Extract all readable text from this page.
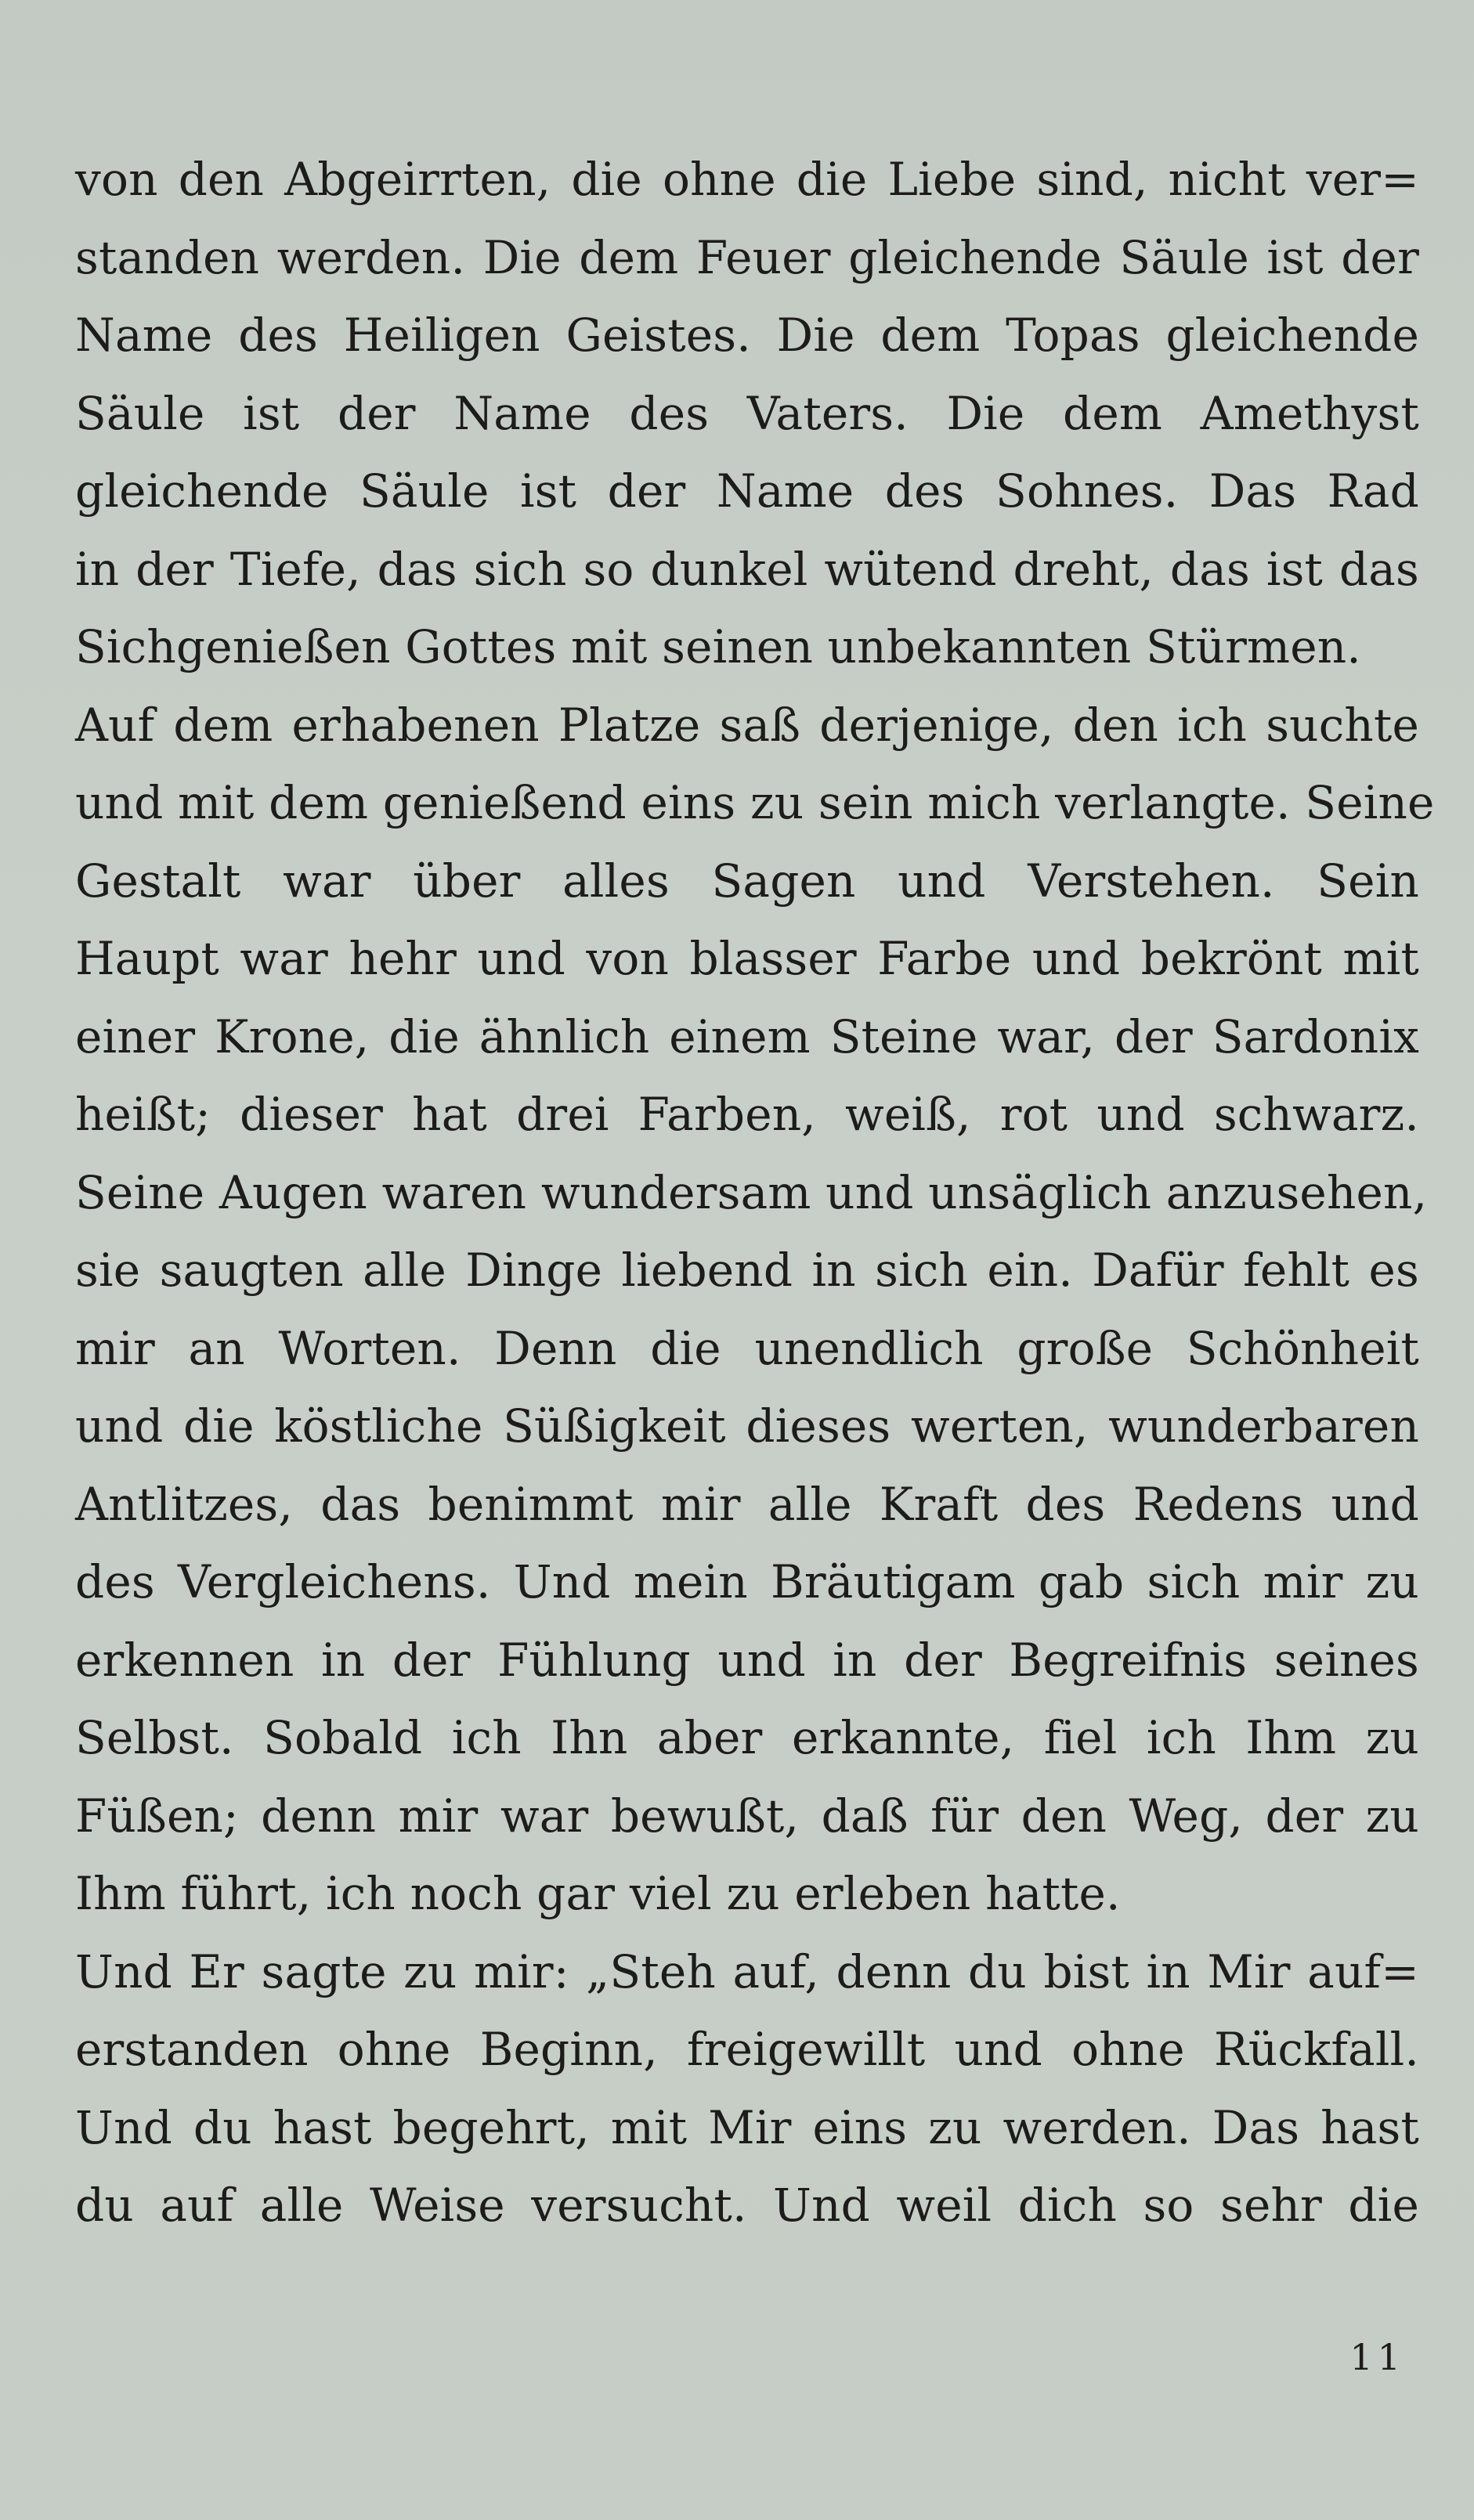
von den Abgeirrten, die ohne die Liebe sind, nicht ver=
standen werden. Die dem Feuer gleichende Säule ist der
Name des Heiligen Geistes. Die dem Topas gleichende
Säule ist der Name des Vaters. Die dem Amethyst
gleichende Säule ist der Name des Sohnes. Das Rad
in der Tiefe, das sich so dunkel wütend dreht, das ist das
Sichgenießen Gottes mit seinen unbekannten Stürmen.
Auf dem erhabenen Platze saß derjenige, den ich suchte
und mit dem genießend eins zu sein mich verlangte. Seine
Gestalt war über alles Sagen und Verstehen. Sein
Haupt war hehr und von blasser Farbe und bekrönt mit
einer Krone, die ähnlich einem Steine war, der Sardonix
heißt; dieser hat drei Farben, weiß, rot und schwarz.
Seine Augen waren wundersam und unsäglich anzusehen,
sie saugten alle Dinge liebend in sich ein. Dafür fehlt es
mir an Worten. Denn die unendlich große Schönheit
und die köstliche Süßigkeit dieses werten, wunderbaren
Antlitzes, das benimmt mir alle Kraft des Redens und
des Vergleichens. Und mein Bräutigam gab sich mir zu
erkennen in der Fühlung und in der Begreifnis seines
Selbst. Sobald ich Ihn aber erkannte, fiel ich Ihm zu
Füßen; denn mir war bewußt, daß für den Weg, der zu
Ihm führt, ich noch gar viel zu erleben hatte.
Und Er sagte zu mir: „Steh auf, denn du bist in Mir auf=
erstanden ohne Beginn, freigewillt und ohne Rückfall.
Und du hast begehrt, mit Mir eins zu werden. Das hast
du auf alle Weise versucht. Und weil dich so sehr die
11
